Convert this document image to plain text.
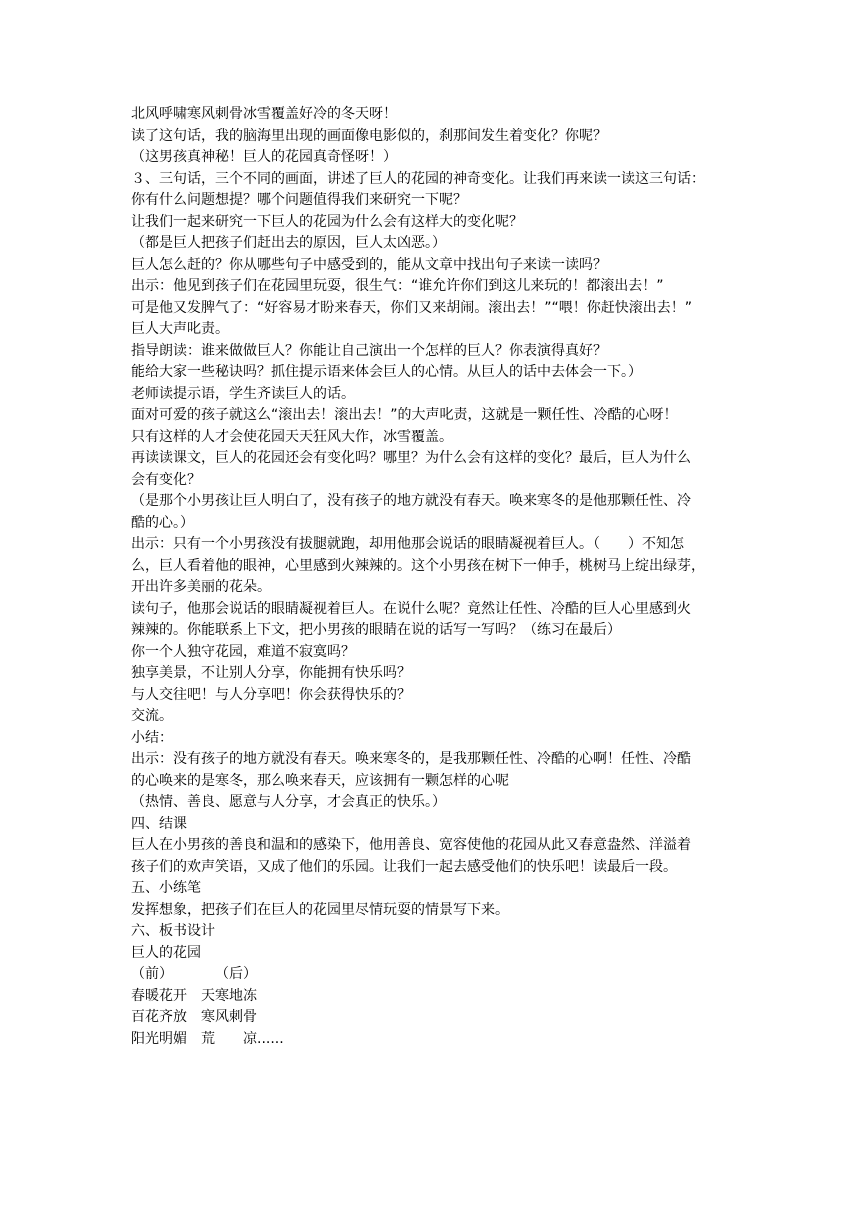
北风呼啸寒风刺骨冰雪覆盖好冷的冬天呀！
读了这句话，我的脑海里出现的画面像电影似的，刹那间发生着变化？你呢？
（这男孩真神秘！巨人的花园真奇怪呀！）
３、三句话，三个不同的画面，讲述了巨人的花园的神奇变化。让我们再来读一读这三句话：
你有什么问题想提？哪个问题值得我们来研究一下呢？
让我们一起来研究一下巨人的花园为什么会有这样大的变化呢？
（都是巨人把孩子们赶出去的原因，巨人太凶恶。）
巨人怎么赶的？你从哪些句子中感受到的，能从文章中找出句子来读一读吗？
出示：他见到孩子们在花园里玩耍，很生气：“谁允许你们到这儿来玩的！都滚出去！”
可是他又发脾气了：“好容易才盼来春天，你们又来胡闹。滚出去！”“喂！你赶快滚出去！”
巨人大声叱责。
指导朗读：谁来做做巨人？你能让自己演出一个怎样的巨人？你表演得真好？
能给大家一些秘诀吗？抓住提示语来体会巨人的心情。从巨人的话中去体会一下。）
老师读提示语，学生齐读巨人的话。
面对可爱的孩子就这么“滚出去！滚出去！”的大声叱责，这就是一颗任性、冷酷的心呀！
只有这样的人才会使花园天天狂风大作，冰雪覆盖。
再读读课文，巨人的花园还会有变化吗？哪里？为什么会有这样的变化？最后，巨人为什么
会有变化？
（是那个小男孩让巨人明白了，没有孩子的地方就没有春天。唤来寒冬的是他那颗任性、冷
酷的心。）
出示：只有一个小男孩没有拔腿就跑，却用他那会说话的眼睛凝视着巨人。（　　）不知怎
么，巨人看着他的眼神，心里感到火辣辣的。这个小男孩在树下一伸手，桃树马上绽出绿芽，
开出许多美丽的花朵。
读句子，他那会说话的眼睛凝视着巨人。在说什么呢？竟然让任性、冷酷的巨人心里感到火
辣辣的。你能联系上下文，把小男孩的眼睛在说的话写一写吗？（练习在最后）
你一个人独守花园，难道不寂寞吗？
独享美景，不让别人分享，你能拥有快乐吗？
与人交往吧！与人分享吧！你会获得快乐的？
交流。
小结：
出示：没有孩子的地方就没有春天。唤来寒冬的，是我那颗任性、冷酷的心啊！任性、冷酷
的心唤来的是寒冬，那么唤来春天，应该拥有一颗怎样的心呢
（热情、善良、愿意与人分享，才会真正的快乐。）
四、结课
巨人在小男孩的善良和温和的感染下，他用善良、宽容使他的花园从此又春意盎然、洋溢着
孩子们的欢声笑语，又成了他们的乐园。让我们一起去感受他们的快乐吧！读最后一段。
五、小练笔
发挥想象，把孩子们在巨人的花园里尽情玩耍的情景写下来。
六、板书设计
巨人的花园
（前）　　　　（后）
春暖花开　天寒地冻
百花齐放　寒风刺骨
阳光明媚　荒　　凉......
